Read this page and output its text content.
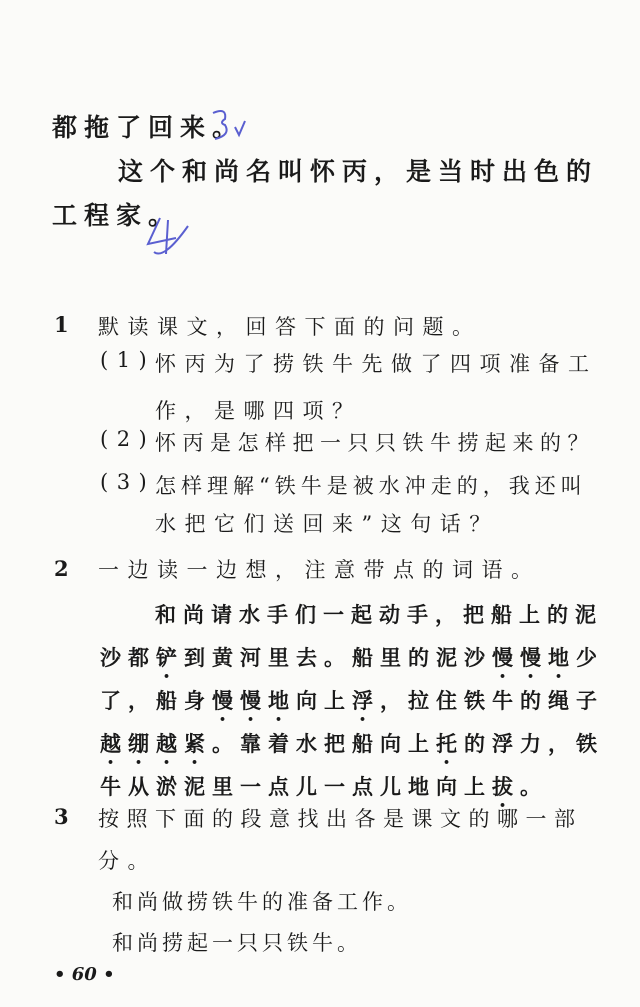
都拖了回来。
这个和尚名叫怀丙，是当时出色的
工程家。
1 默读课文，回答下面的问题。
(1) 怀丙为了捞铁牛先做了四项准备工
作，是哪四项？
(2) 怀丙是怎样把一只只铁牛捞起来的？
(3) 怎样理解“铁牛是被水冲走的，我还叫
水把它们送回来”这句话？
2 一边读一边想，注意带点的词语。
和尚请水手们一起动手，把船上的泥
沙都铲到黄河里去。船里的泥沙慢慢地少
了，船身慢慢地向上浮，拉住铁牛的绳子
越绷越紧。靠着水把船向上托的浮力，铁
牛从淤泥里一点儿一点儿地向上拔。
3 按照下面的段意找出各是课文的哪一部
分。
和尚做捞铁牛的准备工作。
和尚捞起一只只铁牛。
• 60 •
